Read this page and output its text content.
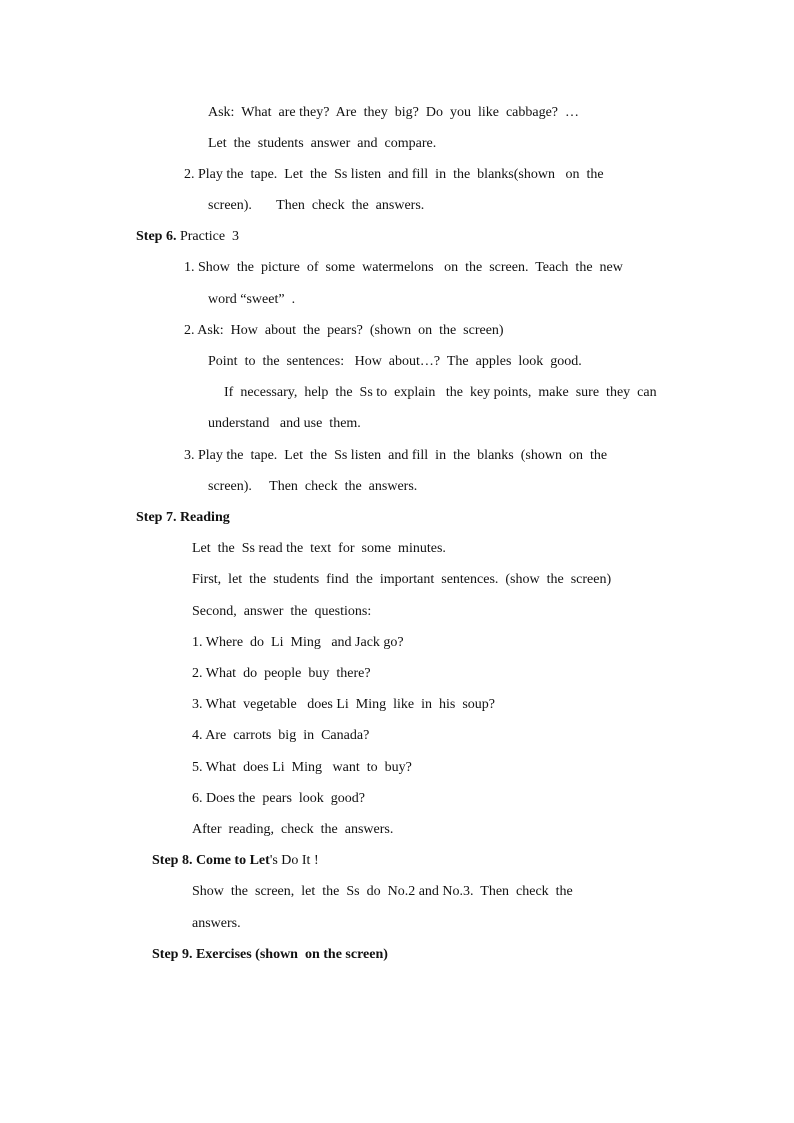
Ask:  What  are they?  Are  they  big?  Do  you  like  cabbage?  …
Let  the  students  answer  and  compare.
2. Play the  tape.  Let  the  Ss listen  and fill  in  the  blanks(shown   on  the
screen).       Then  check  the  answers.
Step 6. Practice  3
1. Show  the  picture  of  some  watermelons   on  the  screen.  Teach  the  new
word “sweet”  .
2. Ask:  How  about  the  pears?  (shown  on  the  screen)
Point  to  the  sentences:   How  about…?  The  apples  look  good.
If  necessary,  help  the  Ss to  explain   the  key points,  make  sure  they  can
understand   and use  them.
3. Play the  tape.  Let  the  Ss listen  and fill  in  the  blanks  (shown  on  the
screen).     Then  check  the  answers.
Step 7. Reading
Let  the  Ss read the  text  for  some  minutes.
First,  let  the  students  find  the  important  sentences.  (show  the  screen)
Second,  answer  the  questions:
1. Where  do  Li  Ming   and Jack go?
2. What  do  people  buy  there?
3. What  vegetable   does Li  Ming  like  in  his  soup?
4. Are  carrots  big  in  Canada?
5. What  does Li  Ming   want  to  buy?
6. Does the  pears  look  good?
After  reading,  check  the  answers.
Step 8. Come to Let's Do It !
Show  the  screen,  let  the  Ss  do  No.2 and No.3.  Then  check  the
answers.
Step 9. Exercises (shown  on the screen)
